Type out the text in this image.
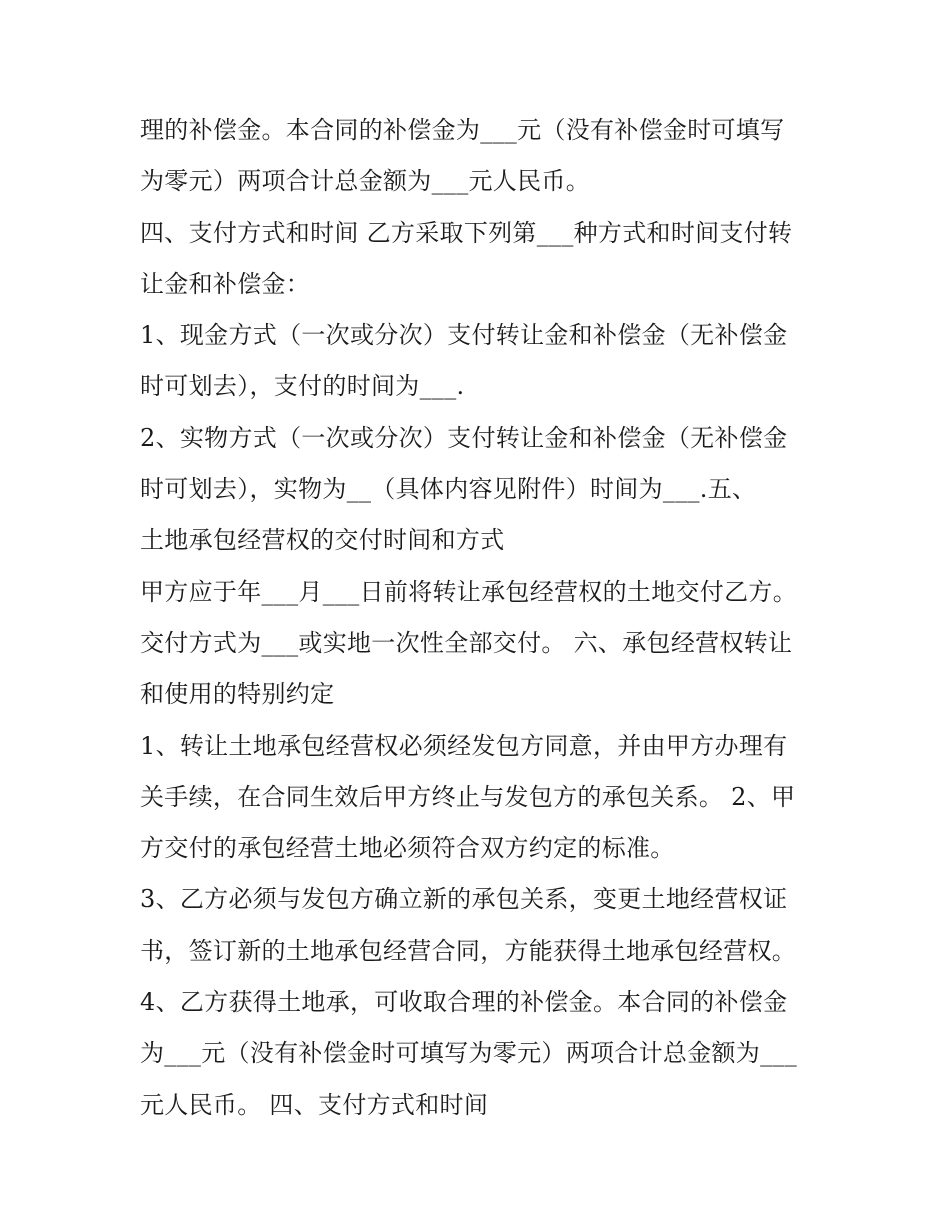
理的补偿金。本合同的补偿金为___元（没有补偿金时可填写
为零元）两项合计总金额为___元人民币。
四、支付方式和时间 乙方采取下列第___种方式和时间支付转
让金和补偿金：
1、现金方式（一次或分次）支付转让金和补偿金（无补偿金
时可划去），支付的时间为___.
2、实物方式（一次或分次）支付转让金和补偿金（无补偿金
时可划去），实物为__（具体内容见附件）时间为___.五、
土地承包经营权的交付时间和方式
甲方应于年___月___日前将转让承包经营权的土地交付乙方。
交付方式为___或实地一次性全部交付。 六、承包经营权转让
和使用的特别约定
1、转让土地承包经营权必须经发包方同意，并由甲方办理有
关手续，在合同生效后甲方终止与发包方的承包关系。 2、甲
方交付的承包经营土地必须符合双方约定的标准。
3、乙方必须与发包方确立新的承包关系，变更土地经营权证
书，签订新的土地承包经营合同，方能获得土地承包经营权。
4、乙方获得土地承，可收取合理的补偿金。本合同的补偿金
为___元（没有补偿金时可填写为零元）两项合计总金额为___
元人民币。 四、支付方式和时间
